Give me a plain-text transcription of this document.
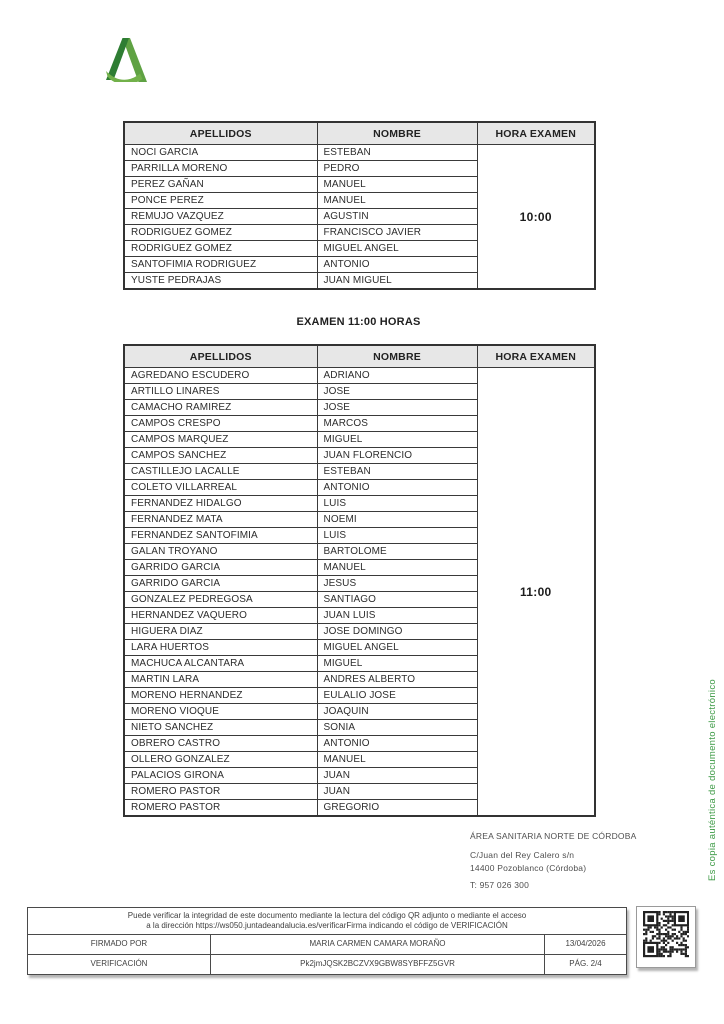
APELLIDOS	NOMBRE	HORA EXAMEN
NOCI GARCIA	ESTEBAN	10:00
PARRILLA MORENO	PEDRO	
PEREZ GAÑAN	MANUEL	
PONCE PEREZ	MANUEL	
REMUJO VAZQUEZ	AGUSTIN	
RODRIGUEZ GOMEZ	FRANCISCO JAVIER	
RODRIGUEZ GOMEZ	MIGUEL ANGEL	
SANTOFIMIA RODRIGUEZ	ANTONIO	
YUSTE PEDRAJAS	JUAN MIGUEL	
EXAMEN 11:00 HORAS
APELLIDOS	NOMBRE	HORA EXAMEN
AGREDANO ESCUDERO	ADRIANO	11:00
ARTILLO LINARES	JOSE	
CAMACHO RAMIREZ	JOSE	
CAMPOS CRESPO	MARCOS	
CAMPOS MARQUEZ	MIGUEL	
CAMPOS SANCHEZ	JUAN FLORENCIO	
CASTILLEJO LACALLE	ESTEBAN	
COLETO VILLARREAL	ANTONIO	
FERNANDEZ HIDALGO	LUIS	
FERNANDEZ MATA	NOEMI	
FERNANDEZ SANTOFIMIA	LUIS	
GALAN TROYANO	BARTOLOME	
GARRIDO GARCIA	MANUEL	
GARRIDO GARCIA	JESUS	
GONZALEZ PEDREGOSA	SANTIAGO	
HERNANDEZ VAQUERO	JUAN LUIS	
HIGUERA DIAZ	JOSE DOMINGO	
LARA HUERTOS	MIGUEL ANGEL	
MACHUCA ALCANTARA	MIGUEL	
MARTIN LARA	ANDRES ALBERTO	
MORENO HERNANDEZ	EULALIO JOSE	
MORENO VIOQUE	JOAQUIN	
NIETO SANCHEZ	SONIA	
OBRERO CASTRO	ANTONIO	
OLLERO GONZALEZ	MANUEL	
PALACIOS GIRONA	JUAN	
ROMERO PASTOR	JUAN	
ROMERO PASTOR	GREGORIO	

ÁREA SANITARIA NORTE DE CÓRDOBA

C/Juan del Rey Calero s/n

14400 Pozoblanco (Córdoba)

T: 957 026 300

Es copia auténtica de documento electrónico
Puede verificar la integridad de este documento mediante la lectura del código QR adjunto o mediante el acceso
a la dirección https://ws050.juntadeandalucia.es/verificarFirma indicando el código de VERIFICACIÓN		
FIRMADO POR	MARIA CARMEN CAMARA MORAÑO	13/04/2026
VERIFICACIÓN	Pk2jmJQSK2BCZVX9GBW8SYBFFZ5GVR	PÁG. 2/4
